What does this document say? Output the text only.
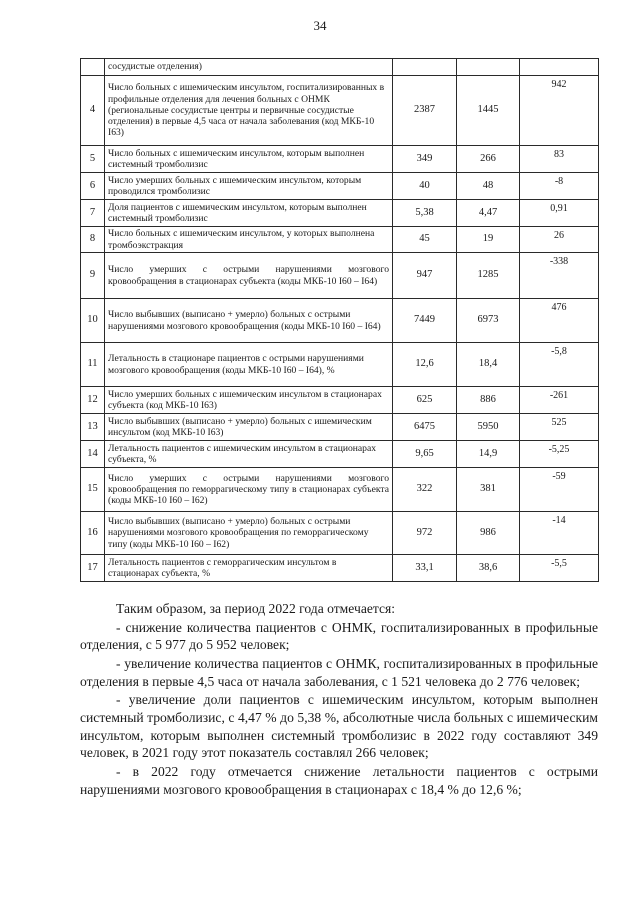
34
	сосудистые отделения)			
4	Число больных с ишемическим инсультом, госпитализированных в профильные отделения для лечения больных с ОНМК (региональные сосудистые центры и первичные сосудистые отделения) в первые 4,5 часа от начала заболевания (код МКБ-10 I63)	2387	1445	942
5	Число больных с ишемическим инсультом, которым выполнен системный тромболизис	349	266	83
6	Число умерших больных с ишемическим инсультом, которым проводился тромболизис	40	48	-8
7	Доля пациентов с ишемическим инсультом, которым выполнен системный тромболизис	5,38	4,47	0,91
8	Число больных с ишемическим инсультом, у которых выполнена тромбоэкстракция	45	19	26
9	Число умерших с острыми нарушениями мозгового кровообращения в стационарах субъекта (коды МКБ-10 I60 – I64)	947	1285	-338
10	Число выбывших (выписано + умерло) больных с острыми нарушениями мозгового кровообращения (коды МКБ-10 I60 – I64)	7449	6973	476
11	Летальность в стационаре пациентов с острыми нарушениями мозгового кровообращения (коды МКБ-10 I60 – I64), %	12,6	18,4	-5,8
12	Число умерших больных с ишемическим инсультом в стационарах субъекта (код МКБ-10 I63)	625	886	-261
13	Число выбывших (выписано + умерло) больных с ишемическим инсультом (код МКБ-10 I63)	6475	5950	525
14	Летальность пациентов с ишемическим инсультом в стационарах субъекта, %	9,65	14,9	-5,25
15	Число умерших с острыми нарушениями мозгового кровообращения по геморрагическому типу в стационарах субъекта (коды МКБ-10 I60 – I62)	322	381	-59
16	Число выбывших (выписано + умерло) больных с острыми нарушениями мозгового кровообращения по геморрагическому типу (коды МКБ-10 I60 – I62)	972	986	-14
17	Летальность пациентов с геморрагическим инсультом в стационарах субъекта, %	33,1	38,6	-5,5

Таким образом, за период 2022 года отмечается:

- снижение количества пациентов с ОНМК, госпитализированных в профильные отделения, с 5 977 до 5 952 человек;

- увеличение количества пациентов с ОНМК, госпитализированных в профильные отделения в первые 4,5 часа от начала заболевания, с 1 521 человека до 2 776 человек;

- увеличение доли пациентов с ишемическим инсультом, которым выполнен системный тромболизис, с 4,47 % до 5,38 %, абсолютные числа больных с ишемическим инсультом, которым выполнен системный тромболизис в 2022 году составляют 349 человек, в 2021 году этот показатель составлял 266 человек;

- в 2022 году отмечается снижение летальности пациентов с острыми нарушениями мозгового кровообращения в стационарах с 18,4 % до 12,6 %;
